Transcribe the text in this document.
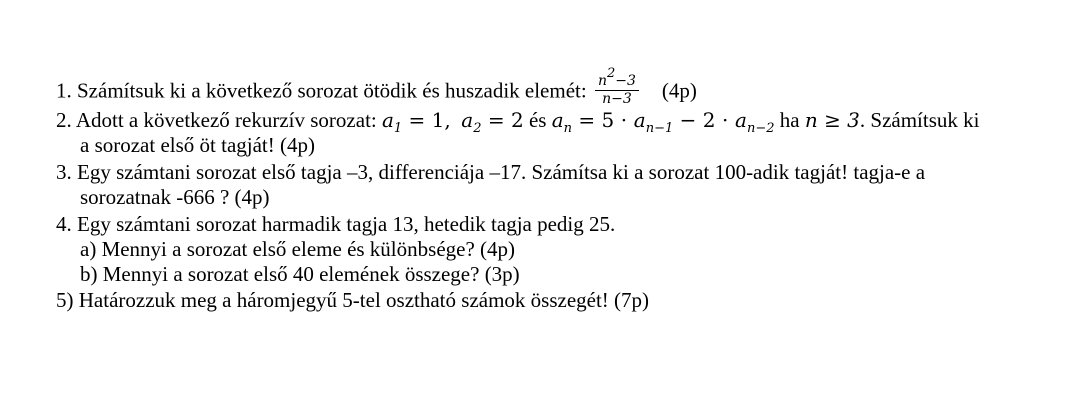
1. Számítsuk ki a következő sorozat ötödik és huszadik elemét: $\frac{n^2-3}{n-3} (4p)$
2. Adott a következő rekurzív sorozat: $a_1 = 1$, $a_2 = 2$ és $a_n = 5 \cdot a_{n-1} - 2 \cdot a_{n-2}$ ha n ≥ 3. Számítsuk ki
a sorozat első öt tagját! (4p)
3. Egy számtani sorozat első tagja –3, differenciája –17. Számítsa ki a sorozat 100-adik tagját! tagja-e a
sorozatnak -666 ? (4p)
4. Egy számtani sorozat harmadik tagja 13, hetedik tagja pedig 25.
a) Mennyi a sorozat első eleme és különbsége? (4p)
b) Mennyi a sorozat első 40 elemének összege? (3p)
5) Határozzuk meg a háromjegyű 5-tel osztható számok összegét! (7p)
